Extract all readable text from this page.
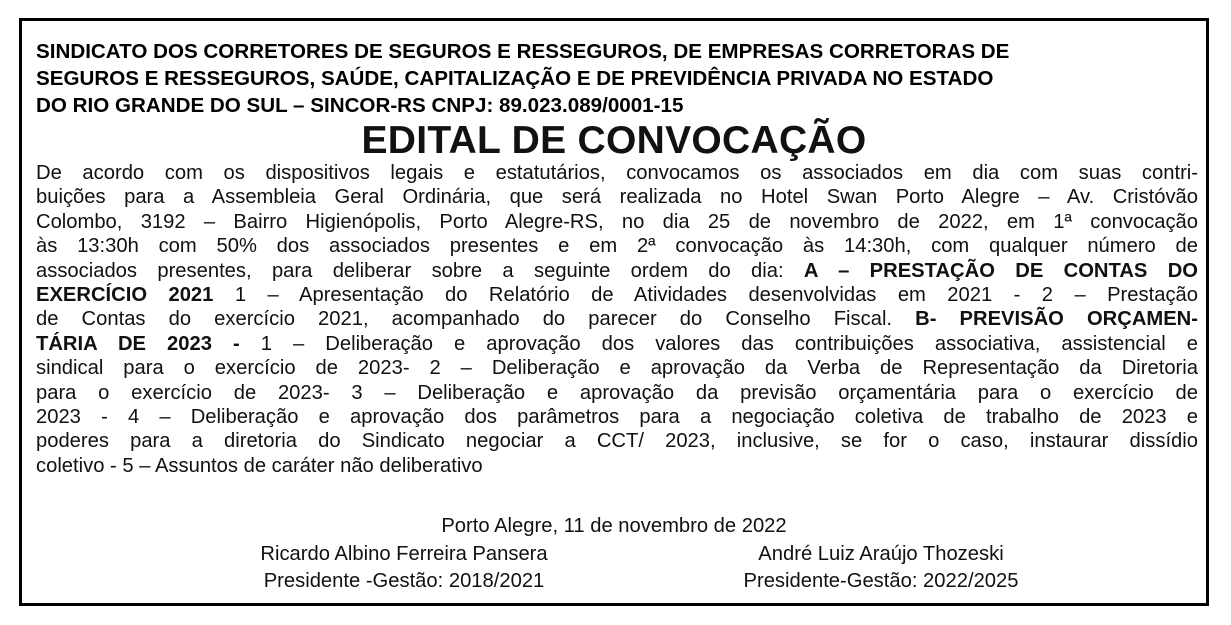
SINDICATO DOS CORRETORES DE SEGUROS E RESSEGUROS, DE EMPRESAS CORRETORAS DE
SEGUROS E RESSEGUROS, SAÚDE, CAPITALIZAÇÃO E DE PREVIDÊNCIA PRIVADA NO ESTADO
DO RIO GRANDE DO SUL – SINCOR-RS CNPJ: 89.023.089/0001-15
EDITAL DE CONVOCAÇÃO
De acordo com os dispositivos legais e estatutários, convocamos os associados em dia com suas contri-
buições para a Assembleia Geral Ordinária, que será realizada no Hotel Swan Porto Alegre – Av. Cristóvão
Colombo, 3192 – Bairro Higienópolis, Porto Alegre-RS, no dia 25 de novembro de 2022, em 1ª convocação
às 13:30h com 50% dos associados presentes e em 2ª convocação às 14:30h, com qualquer número de
associados presentes, para deliberar sobre a seguinte ordem do dia: A – PRESTAÇÃO DE CONTAS DO
EXERCÍCIO 2021 1 – Apresentação do Relatório de Atividades desenvolvidas em 2021 - 2 – Prestação
de Contas do exercício 2021, acompanhado do parecer do Conselho Fiscal. B- PREVISÃO ORÇAMEN-
TÁRIA DE 2023 - 1 – Deliberação e aprovação dos valores das contribuições associativa, assistencial e
sindical para o exercício de 2023- 2 – Deliberação e aprovação da Verba de Representação da Diretoria
para o exercício de 2023- 3 – Deliberação e aprovação da previsão orçamentária para o exercício de
2023 - 4 – Deliberação e aprovação dos parâmetros para a negociação coletiva de trabalho de 2023 e
poderes para a diretoria do Sindicato negociar a CCT/ 2023, inclusive, se for o caso, instaurar dissídio
coletivo - 5 – Assuntos de caráter não deliberativo
Porto Alegre, 11 de novembro de 2022
Ricardo Albino Ferreira Pansera
Presidente -Gestão: 2018/2021
André Luiz Araújo Thozeski
Presidente-Gestão: 2022/2025
